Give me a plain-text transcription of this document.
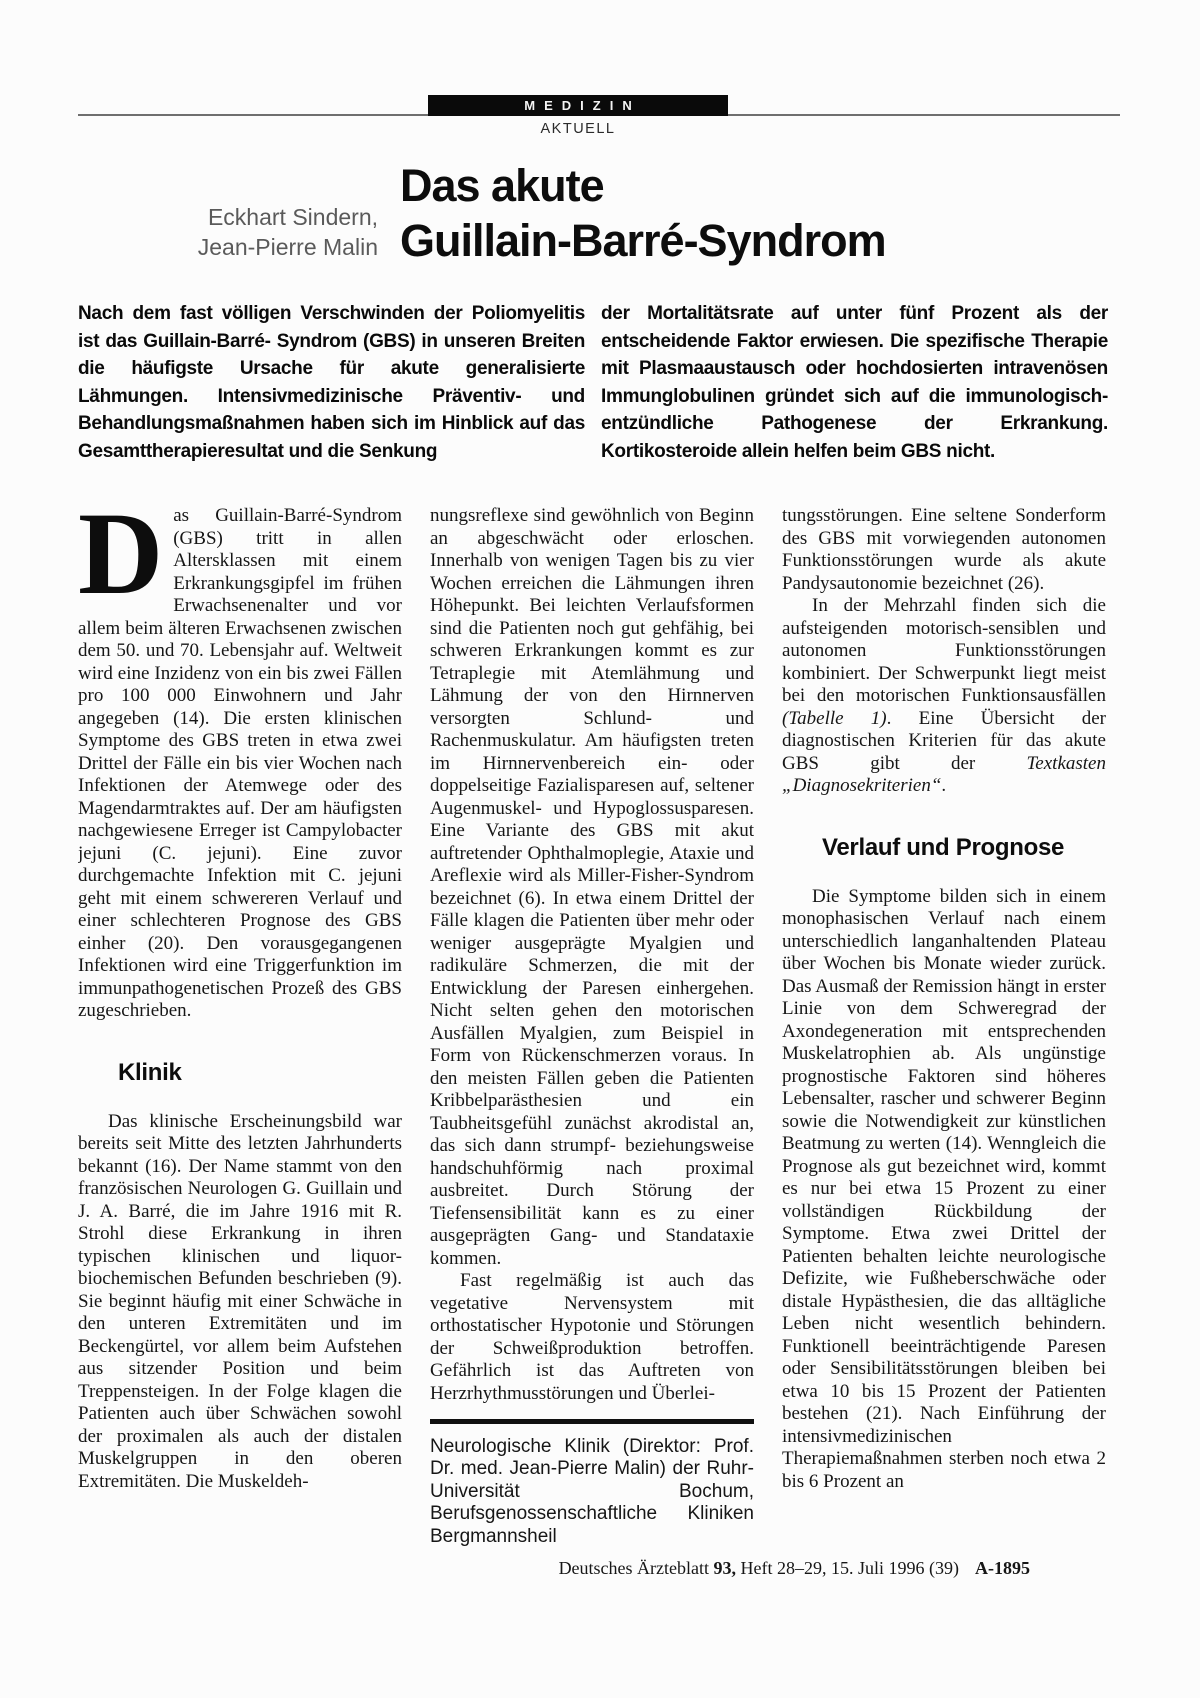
MEDIZIN
AKTUELL
Eckhart Sindern,
Jean-Pierre Malin
Das akute
Guillain-Barré-Syndrom

Nach dem fast völligen Verschwinden der Poliomyelitis ist das Guillain-Barré- Syndrom (GBS) in unseren Breiten die häufigste Ursache für akute generalisierte Lähmungen. Intensivmedizinische Präventiv- und Behandlungsmaßnahmen haben sich im Hinblick auf das Gesamttherapieresultat und die Senkung

der Mortalitätsrate auf unter fünf Prozent als der entscheidende Faktor erwiesen. Die spezifische Therapie mit Plasmaaustausch oder hochdosierten intravenösen Immunglobulinen gründet sich auf die immunologisch-entzündliche Pathogenese der Erkrankung. Kortikosteroide allein helfen beim GBS nicht.

Das Guillain-Barré-Syndrom (GBS) tritt in allen Altersklassen mit einem Erkrankungsgipfel im frühen Erwachsenenalter und vor allem beim älteren Erwachsenen zwischen dem 50. und 70. Lebensjahr auf. Weltweit wird eine Inzidenz von ein bis zwei Fällen pro 100 000 Einwohnern und Jahr angegeben (14). Die ersten klinischen Symptome des GBS treten in etwa zwei Drittel der Fälle ein bis vier Wochen nach Infektionen der Atemwege oder des Magendarmtraktes auf. Der am häufigsten nachgewiesene Erreger ist Campylobacter jejuni (C. jejuni). Eine zuvor durchgemachte Infektion mit C. jejuni geht mit einem schwereren Verlauf und einer schlechteren Prognose des GBS einher (20). Den vorausgegangenen Infektionen wird eine Triggerfunktion im immunpathogenetischen Prozeß des GBS zugeschrieben.

Klinik

Das klinische Erscheinungsbild war bereits seit Mitte des letzten Jahrhunderts bekannt (16). Der Name stammt von den französischen Neurologen G. Guillain und J. A. Barré, die im Jahre 1916 mit R. Strohl diese Erkrankung in ihren typischen klinischen und liquor-biochemischen Befunden beschrieben (9). Sie beginnt häufig mit einer Schwäche in den unteren Extremitäten und im Beckengürtel, vor allem beim Aufstehen aus sitzender Position und beim Treppensteigen. In der Folge klagen die Patienten auch über Schwächen sowohl der proximalen als auch der distalen Muskelgruppen in den oberen Extremitäten. Die Muskeldeh-

nungsreflexe sind gewöhnlich von Beginn an abgeschwächt oder erloschen. Innerhalb von wenigen Tagen bis zu vier Wochen erreichen die Lähmungen ihren Höhepunkt. Bei leichten Verlaufsformen sind die Patienten noch gut gehfähig, bei schweren Erkrankungen kommt es zur Tetraplegie mit Atemlähmung und Lähmung der von den Hirnnerven versorgten Schlund- und Rachenmuskulatur. Am häufigsten treten im Hirnnervenbereich ein- oder doppelseitige Fazialisparesen auf, seltener Augenmuskel- und Hypoglossusparesen. Eine Variante des GBS mit akut auftretender Ophthalmoplegie, Ataxie und Areflexie wird als Miller-Fisher-Syndrom bezeichnet (6). In etwa einem Drittel der Fälle klagen die Patienten über mehr oder weniger ausgeprägte Myalgien und radikuläre Schmerzen, die mit der Entwicklung der Paresen einhergehen. Nicht selten gehen den motorischen Ausfällen Myalgien, zum Beispiel in Form von Rückenschmerzen voraus. In den meisten Fällen geben die Patienten Kribbelparästhesien und ein Taubheitsgefühl zunächst akrodistal an, das sich dann strumpf- beziehungsweise handschuhförmig nach proximal ausbreitet. Durch Störung der Tiefensensibilität kann es zu einer ausgeprägten Gang- und Standataxie kommen.

Fast regelmäßig ist auch das vegetative Nervensystem mit orthostatischer Hypotonie und Störungen der Schweißproduktion betroffen. Gefährlich ist das Auftreten von Herzrhythmusstörungen und Überlei-

Neurologische Klinik (Direktor: Prof. Dr. med. Jean-Pierre Malin) der Ruhr-Universität Bochum, Berufsgenossenschaftliche Kliniken Bergmannsheil

tungsstörungen. Eine seltene Sonderform des GBS mit vorwiegenden autonomen Funktionsstörungen wurde als akute Pandysautonomie bezeichnet (26).

In der Mehrzahl finden sich die aufsteigenden motorisch-sensiblen und autonomen Funktionsstörungen kombiniert. Der Schwerpunkt liegt meist bei den motorischen Funktionsausfällen (Tabelle 1). Eine Übersicht der diagnostischen Kriterien für das akute GBS gibt der Textkasten „Diagnosekriterien“.

Verlauf und Prognose

Die Symptome bilden sich in einem monophasischen Verlauf nach einem unterschiedlich langanhaltenden Plateau über Wochen bis Monate wieder zurück. Das Ausmaß der Remission hängt in erster Linie von dem Schweregrad der Axondegeneration mit entsprechenden Muskelatrophien ab. Als ungünstige prognostische Faktoren sind höheres Lebensalter, rascher und schwerer Beginn sowie die Notwendigkeit zur künstlichen Beatmung zu werten (14). Wenngleich die Prognose als gut bezeichnet wird, kommt es nur bei etwa 15 Prozent zu einer vollständigen Rückbildung der Symptome. Etwa zwei Drittel der Patienten behalten leichte neurologische Defizite, wie Fußheberschwäche oder distale Hypästhesien, die das alltägliche Leben nicht wesentlich behindern. Funktionell beeinträchtigende Paresen oder Sensibilitätsstörungen bleiben bei etwa 10 bis 15 Prozent der Patienten bestehen (21). Nach Einführung der intensivmedizinischen Therapiemaßnahmen sterben noch etwa 2 bis 6 Prozent an

Deutsches Ärzteblatt 93, Heft 28–29, 15. Juli 1996 (39) A-1895
